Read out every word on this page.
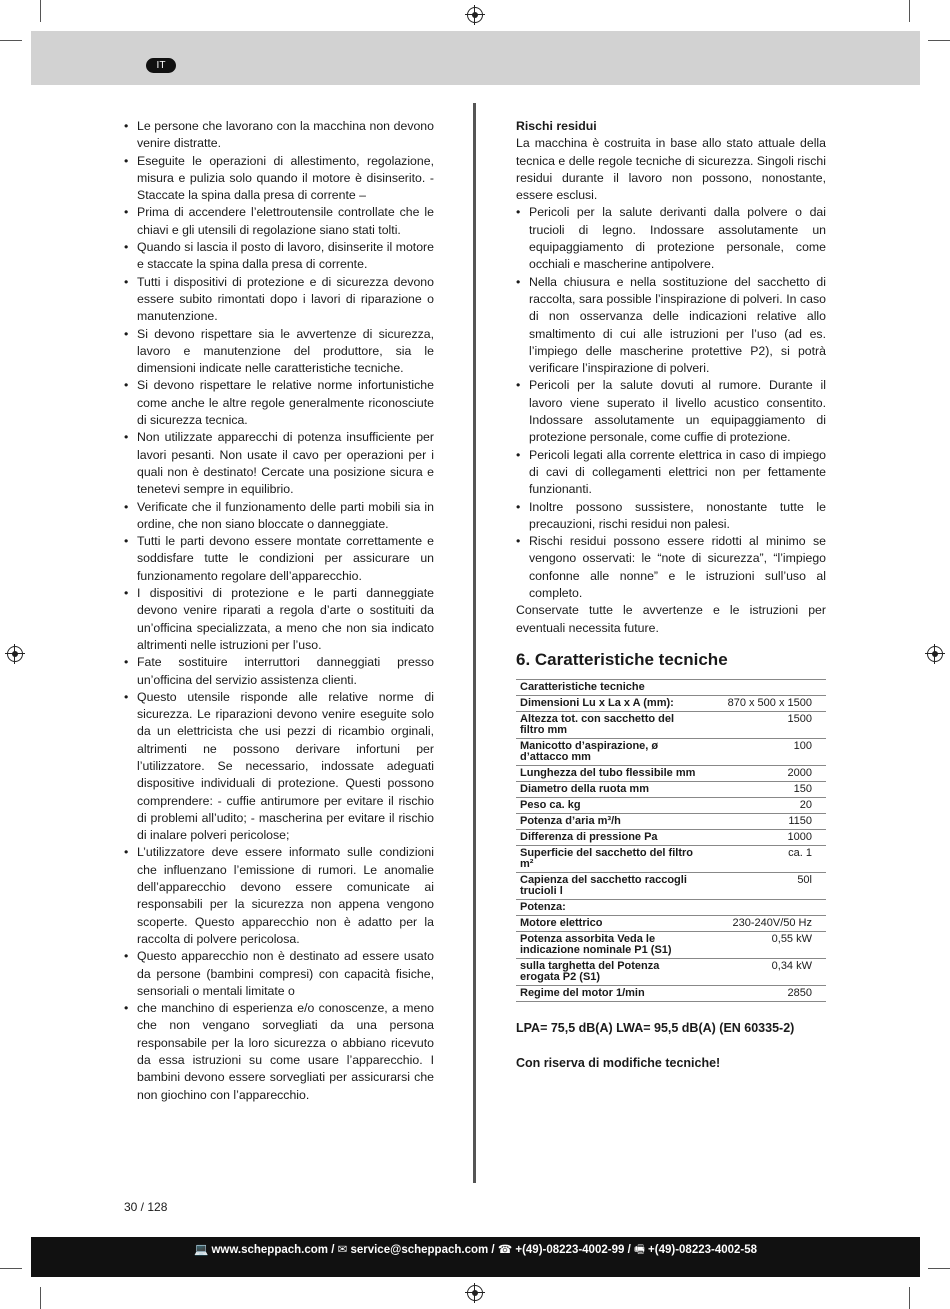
IT
• Le persone che lavorano con la macchina non devono venire distratte.
• Eseguite le operazioni di allestimento, regolazione, misura e pulizia solo quando il motore è disinserito. - Staccate la spina dalla presa di corrente –
• Prima di accendere l’elettroutensile controllate che le chiavi e gli utensili di regolazione siano stati tolti.
• Quando si lascia il posto di lavoro, disinserite il motore e staccate la spina dalla presa di corrente.
• Tutti i dispositivi di protezione e di sicurezza devono essere subito rimontati dopo i lavori di riparazione o manutenzione.
• Si devono rispettare sia le avvertenze di sicurezza, lavoro e manutenzione del produttore, sia le dimensioni indicate nelle caratteristiche tecniche.
• Si devono rispettare le relative norme infortunistiche come anche le altre regole generalmente riconosciute di sicurezza tecnica.
• Non utilizzate apparecchi di potenza insufficiente per lavori pesanti. Non usate il cavo per operazioni per i quali non è destinato! Cercate una posizione sicura e tenetevi sempre in equilibrio.
• Verificate che il funzionamento delle parti mobili sia in ordine, che non siano bloccate o danneggiate.
• Tutti le parti devono essere montate correttamente e soddisfare tutte le condizioni per assicurare un funzionamento regolare dell’apparecchio.
• I dispositivi di protezione e le parti danneggiate devono venire riparati a regola d’arte o sostituiti da un’officina specializzata, a meno che non sia indicato altrimenti nelle istruzioni per l’uso.
• Fate sostituire interruttori danneggiati presso un’officina del servizio assistenza clienti.
• Questo utensile risponde alle relative norme di sicurezza. Le riparazioni devono venire eseguite solo da un elettricista che usi pezzi di ricambio orginali, altrimenti ne possono derivare infortuni per l’utilizzatore. Se necessario, indossate adeguati dispositive individuali di protezione. Questi possono comprendere: - cuffie antirumore per evitare il rischio di problemi all’udito; - mascherina per evitare il rischio di inalare polveri pericolose;
• L’utilizzatore deve essere informato sulle condizioni che influenzano l’emissione di rumori. Le anomalie dell’apparecchio devono essere comunicate ai responsabili per la sicurezza non appena vengono scoperte. Questo apparecchio non è adatto per la raccolta di polvere pericolosa.
• Questo apparecchio non è destinato ad essere usato da persone (bambini compresi) con capacità fisiche, sensoriali o mentali limitate o
• che manchino di esperienza e/o conoscenze, a meno che non vengano sorvegliati da una persona responsabile per la loro sicurezza o abbiano ricevuto da essa istruzioni su come usare l’apparecchio. I bambini devono essere sorvegliati per assicurarsi che non giochino con l’apparecchio.
Rischi residui

La macchina è costruita in base allo stato attuale della tecnica e delle regole tecniche di sicurezza. Singoli rischi residui durante il lavoro non possono, nonostante, essere esclusi.

• Pericoli per la salute derivanti dalla polvere o dai trucioli di legno. Indossare assolutamente un equipaggiamento di protezione personale, come occhiali e mascherine antipolvere.
• Nella chiusura e nella sostituzione del sacchetto di raccolta, sara possible l’inspirazione di polveri. In caso di non osservanza delle indicazioni relative allo smaltimento di cui alle istruzioni per l’uso (ad es. l’impiego delle mascherine protettive P2), si potrà verificare l’inspirazione di polveri.
• Pericoli per la salute dovuti al rumore. Durante il lavoro viene superato il livello acustico consentito. Indossare assolutamente un equipaggiamento di protezione personale, come cuffie di protezione.
• Pericoli legati alla corrente elettrica in caso di impiego di cavi di collegamenti elettrici non per fettamente funzionanti.
• Inoltre possono sussistere, nonostante tutte le precauzioni, rischi residui non palesi.
• Rischi residui possono essere ridotti al minimo se vengono osservati: le “note di sicurezza”, “l’impiego confonne alle nonne” e le istruzioni sull’uso al completo.

Conservate tutte le avvertenze e le istruzioni per eventuali necessita future.

6. Caratteristiche tecniche
Caratteristiche tecniche	
Dimensioni Lu x La x A (mm):	870 x 500 x 1500
Altezza tot. con sacchetto del filtro mm	1500
Manicotto d’aspirazione, ø d’attacco mm	100
Lunghezza del tubo flessibile mm	2000
Diametro della ruota mm	150
Peso ca. kg	20
Potenza d’aria m³/h	1150
Differenza di pressione Pa	1000
Superficie del sacchetto del filtro m²	ca. 1
Capienza del sacchetto raccogli trucioli l	50l
Potenza:	
Motore elettrico	230-240V/50 Hz
Potenza assorbita Veda le indicazione nominale P1 (S1)	0,55 kW
sulla targhetta del Potenza erogata P2 (S1)	0,34 kW
Regime del motor 1/min	2850
LPA= 75,5 dB(A) LWA= 95,5 dB(A) (EN 60335-2)
Con riserva di modifiche tecniche!
30 / 128
💻 www.scheppach.com / ✉ service@scheppach.com / ☎ +(49)-08223-4002-99 / 🖷 +(49)-08223-4002-58
